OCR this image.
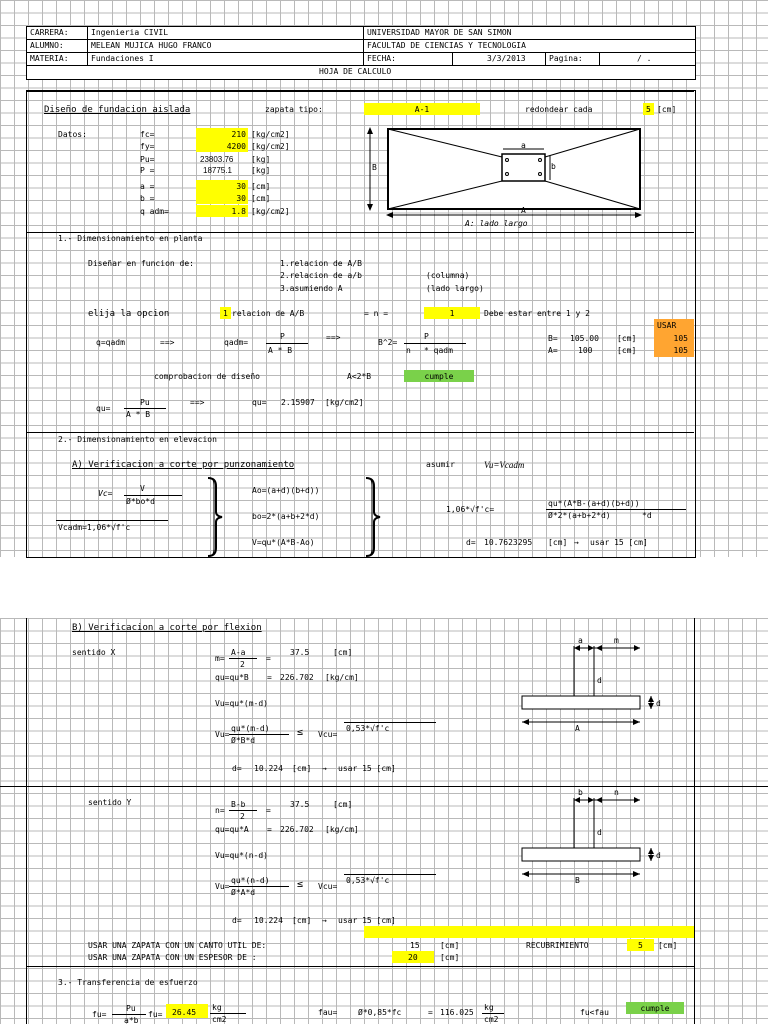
CARRERA:	Ingenieria CIVIL
ALUMNO:	MELEAN MUJICA HUGO FRANCO
MATERIA:	Fundaciones I
UNIVERSIDAD MAYOR DE SAN SIMON
FACULTAD DE CIENCIAS Y TECNOLOGIA
FECHA:	3/3/2013	Pagina:	/ .
HOJA DE CALCULO
Diseño de fundacion aislada	zapata tipo:	A-1	redondear cada	5 [cm]
Datos:	fc=	210 [kg/cm2]
fy=	4200 [kg/cm2]
Pu=	23803.76 [kg]
P =	18775.1 [kg]
a =	30 [cm]
b =	30 [cm]
q adm=	1.8 [kg/cm2]
B
a
b
A
A: lado largo
1.- Dimensionamiento en planta
Diseñar en funcion de:	1.relacion de A/B
2.relacion de a/b	(columna)
3.asumiendo A	(lado largo)
elija la opcion	1 relacion de A/B	= n =	1	Debe estar entre 1 y 2
q=qadm	==>	qadm=
P
A * B
==>
B^2=
P
n * qadm
B= 105.00 [cm]
A=	100	[cm]
USAR
105
105
comprobacion de diseño	A<2*B	cumple
qu=
Pu
A * B
==>	qu= 2.15907 [kg/cm2]
2.- Dimensionamiento en elevacion
A) Verificacion a corte por punzonamiento	asumir	Vu=Vcadm
Vc=
V
Ø*bo*d
Vcadm=1,06*√f'c
Ao=(a+d)(b+d))
bo=2*(a+b+2*d)
V=qu*(A*B-Ao)
1,06*√f'c=
qu*(A*B-(a+d)(b+d))
Ø*2*(a+b+2*d)	*d
d= 10.7623295 [cm] → usar 15 [cm]
B) Verificacion a corte por flexion
sentido X
m=
A-a
2
=
37.5	[cm]
qu=qu*B = 226.702 [kg/cm]
Vu=qu*(m-d)
Vu=
qu*(m-d)
Ø*B*d
≤ Vcu=
0,53*√f'c
d= 10.224 [cm] → usar 15 [cm]
a	m
d
d
A
sentido Y
n=
B-b
2
=
37.5	[cm]
qu=qu*A = 226.702 [kg/cm]
Vu=qu*(n-d)
Vu=
qu*(n-d)
Ø*A*d
≤ Vcu=
0,53*√f'c
d= 10.224 [cm] → usar 15 [cm]
b	n
d
d
B
USAR UNA ZAPATA CON UN CANTO UTIL DE:	15	[cm]	RECUBRIMIENTO	5 [cm]
USAR UNA ZAPATA CON UN ESPESOR DE :	20	[cm]
3.- Transferencia de esfuerzo
fu=
Pu
a*b
fu= 26.45
kg
cm2
fau=	Ø*0,85*fc	= 116.025
kg
cm2
fu<fau	cumple
